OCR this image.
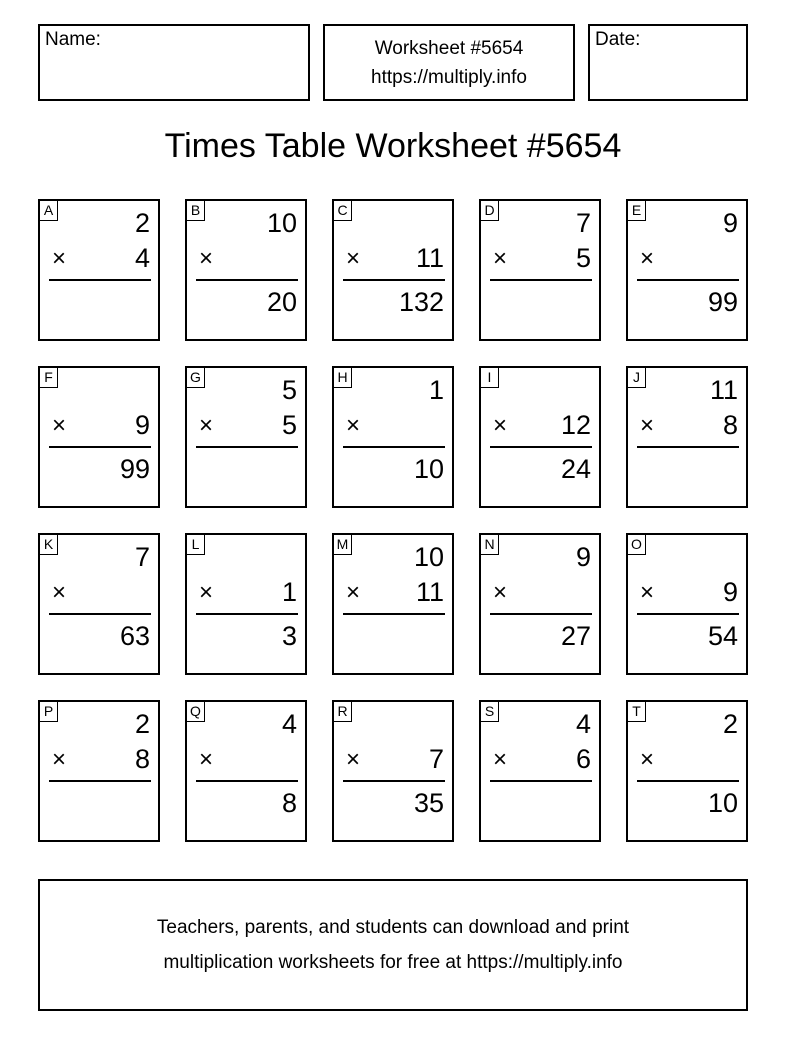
Name:	Worksheet #5654
https://multiply.info
Date:
Times Table Worksheet #5654
A	2
×	4
B 10
×
20
C
× 11
132
D	7
×	5
E	9
×
99
F
×	9
99
G	5
×	5
H	1
×
10
I
× 12
24
J	11
×	8
K	7
×
63
L
×	1
3
M 10
× 11
N	9
×
27
O
×	9
54
P	2
×	8
Q	4
×
8
R
×	7
35
S	4
×	6
T	2
×
10
Teachers, parents, and students can download and print
multiplication worksheets for free at https://multiply.info
